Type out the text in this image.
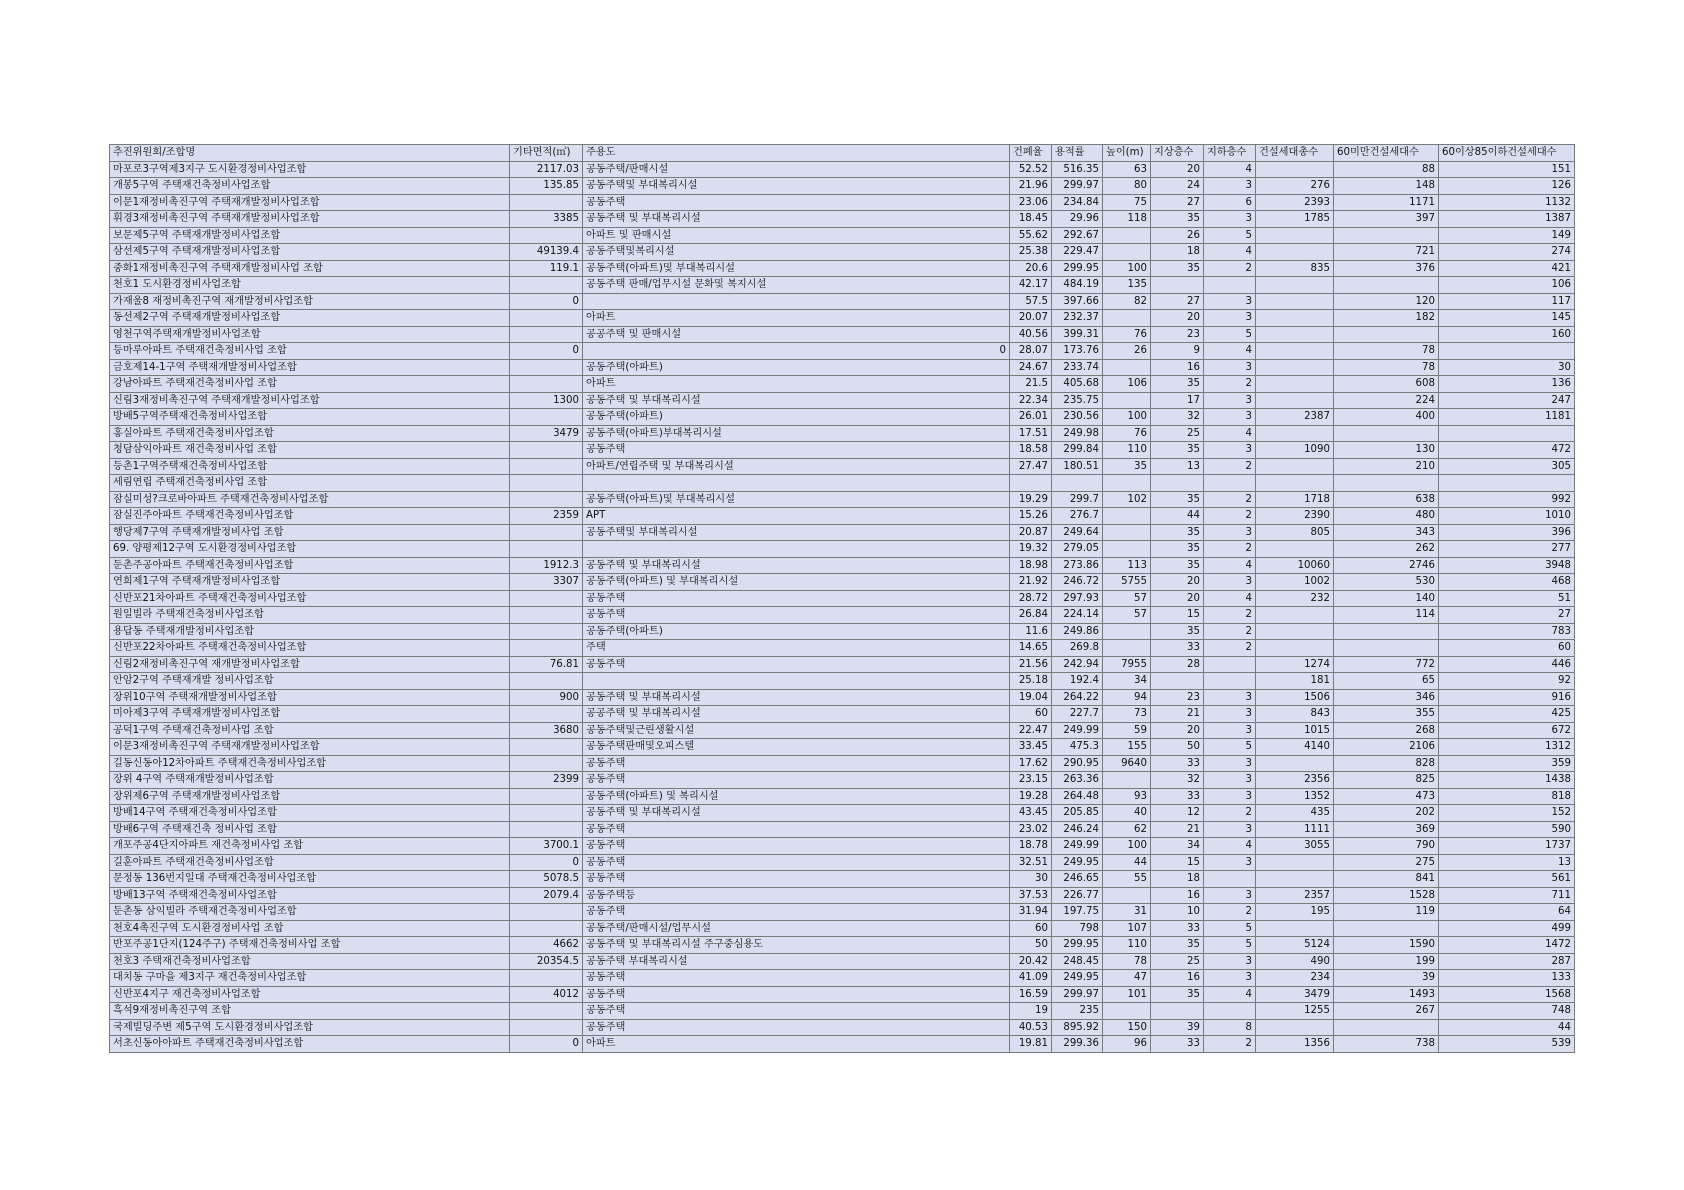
추진위원회/조합명	기타면적(㎡)	주용도	건폐율	용적률	높이(m)	지상층수	지하층수	건설세대총수	60미만건설세대수	60이상85이하건설세대수
마포로3구역제3지구 도시환경정비사업조합	2117.03	공동주택/판매시설	52.52	516.35	63	20	4		88	151
개봉5구역 주택재건축정비사업조합	135.85	공동주택및 부대복리시설	21.96	299.97	80	24	3	276	148	126
이문1재정비촉진구역 주택재개발정비사업조합		공동주택	23.06	234.84	75	27	6	2393	1171	1132
휘경3재정비촉진구역 주택재개발정비사업조합	3385	공동주택 및 부대복리시설	18.45	29.96	118	35	3	1785	397	1387
보문제5구역 주택재개발정비사업조합		아파트 및 판매시설	55.62	292.67		26	5			149
삼선제5구역 주택재개발정비사업조합	49139.4	공동주택및복리시설	25.38	229.47		18	4		721	274
중화1재정비촉진구역 주택재개발정비사업 조합	119.1	공동주택(아파트)및 부대복리시설	20.6	299.95	100	35	2	835	376	421
천호1 도시환경정비사업조합		공동주택 판매/업무시설 문화및 복지시설	42.17	484.19	135					106
가재울8 재정비촉진구역 재개발정비사업조합	0		57.5	397.66	82	27	3		120	117
동선제2구역 주택재개발정비사업조합		아파트	20.07	232.37		20	3		182	145
영천구역주택재개발정비사업조합		공공주택 및 판매시설	40.56	399.31	76	23	5			160
등마루아파트 주택재건축정비사업 조합	0	0	28.07	173.76	26	9	4		78	
금호제14-1구역 주택재개발정비사업조합		공동주택(아파트)	24.67	233.74		16	3		78	30
강남아파트 주택재건축정비사업 조합		아파트	21.5	405.68	106	35	2		608	136
신림3재정비촉진구역 주택재개발정비사업조합	1300	공동주택 및 부대복리시설	22.34	235.75		17	3		224	247
방배5구역주택재건축정비사업조합		공동주택(아파트)	26.01	230.56	100	32	3	2387	400	1181
홍실아파트 주택재건축정비사업조합	3479	공동주택(아파트)부대복리시설	17.51	249.98	76	25	4			
청담삼익아파트 재건축정비사업 조합		공동주택	18.58	299.84	110	35	3	1090	130	472
등촌1구역주택재건축정비사업조합		아파트/연립주택 및 부대복리시설	27.47	180.51	35	13	2		210	305
세림연립 주택재건축정비사업 조합										
잠실미성?크로바아파트 주택재건축정비사업조합		공동주택(아파트)및 부대복리시설	19.29	299.7	102	35	2	1718	638	992
잠실진주아파트 주택재건축정비사업조합	2359	APT	15.26	276.7		44	2	2390	480	1010
행당제7구역 주택재개발정비사업 조합		공동주택및 부대복리시설	20.87	249.64		35	3	805	343	396
69. 양평제12구역 도시환경정비사업조합			19.32	279.05		35	2		262	277
둔촌주공아파트 주택재건축정비사업조합	1912.3	공동주택 및 부대복리시설	18.98	273.86	113	35	4	10060	2746	3948
연희제1구역 주택재개발정비사업조합	3307	공동주택(아파트) 및 부대복리시설	21.92	246.72	5755	20	3	1002	530	468
신반포21차아파트 주택재건축정비사업조합		공동주택	28.72	297.93	57	20	4	232	140	51
원일빌라 주택재건축정비사업조합		공동주택	26.84	224.14	57	15	2		114	27
용답동 주택재개발정비사업조합		공동주택(아파트)	11.6	249.86		35	2			783
신반포22차아파트 주택재건축정비사업조합		주택	14.65	269.8		33	2			60
신림2재정비촉진구역 재개발정비사업조합	76.81	공동주택	21.56	242.94	7955	28		1274	772	446
안암2구역 주택재개발 정비사업조합			25.18	192.4	34			181	65	92
장위10구역 주택재개발정비사업조합	900	공동주택 및 부대복리시설	19.04	264.22	94	23	3	1506	346	916
미아제3구역 주택재개발정비사업조합		공공주택 및 부대복리시설	60	227.7	73	21	3	843	355	425
공덕1구역 주택재건축정비사업 조합	3680	공동주택및근린생활시설	22.47	249.99	59	20	3	1015	268	672
이문3재정비촉진구역 주택재개발정비사업조합		공동주택판매및오피스텔	33.45	475.3	155	50	5	4140	2106	1312
길동신동아12차아파트 주택재건축정비사업조합		공동주택	17.62	290.95	9640	33	3		828	359
장위 4구역 주택재개발정비사업조합	2399	공동주택	23.15	263.36		32	3	2356	825	1438
장위제6구역 주택재개발정비사업조합		공동주택(아파트) 및 복리시설	19.28	264.48	93	33	3	1352	473	818
방배14구역 주택재건축정비사업조합		공동주택 및 부대복리시설	43.45	205.85	40	12	2	435	202	152
방배6구역 주택재건축 정비사업 조합		공동주택	23.02	246.24	62	21	3	1111	369	590
개포주공4단지아파트 재건축정비사업 조합	3700.1	공동주택	18.78	249.99	100	34	4	3055	790	1737
길훈아파트 주택재건축정비사업조합	0	공동주택	32.51	249.95	44	15	3		275	13
문정동 136번지일대 주택재건축정비사업조합	5078.5	공동주택	30	246.65	55	18			841	561
방배13구역 주택재건축정비사업조합	2079.4	공동주택등	37.53	226.77		16	3	2357	1528	711
둔촌동 삼익빌라 주택재건축정비사업조합		공동주택	31.94	197.75	31	10	2	195	119	64
천호4촉진구역 도시환경정비사업 조합		공동주택/판매시설/업무시설	60	798	107	33	5			499
반포주공1단지(124주구) 주택재건축정비사업 조합	4662	공동주택 및 부대복리시설 주구중심용도	50	299.95	110	35	5	5124	1590	1472
천호3 주택재건축정비사업조합	20354.5	공동주택 부대복리시설	20.42	248.45	78	25	3	490	199	287
대치동 구마을 제3지구 재건축정비사업조합		공동주택	41.09	249.95	47	16	3	234	39	133
신반포4지구 재건축정비사업조합	4012	공동주택	16.59	299.97	101	35	4	3479	1493	1568
흑석9재정비촉진구역 조합		공동주택	19	235				1255	267	748
국제빌딩주변 제5구역 도시환경정비사업조합		공동주택	40.53	895.92	150	39	8			44
서초신동아아파트 주택재건축정비사업조합	0	아파트	19.81	299.36	96	33	2	1356	738	539
